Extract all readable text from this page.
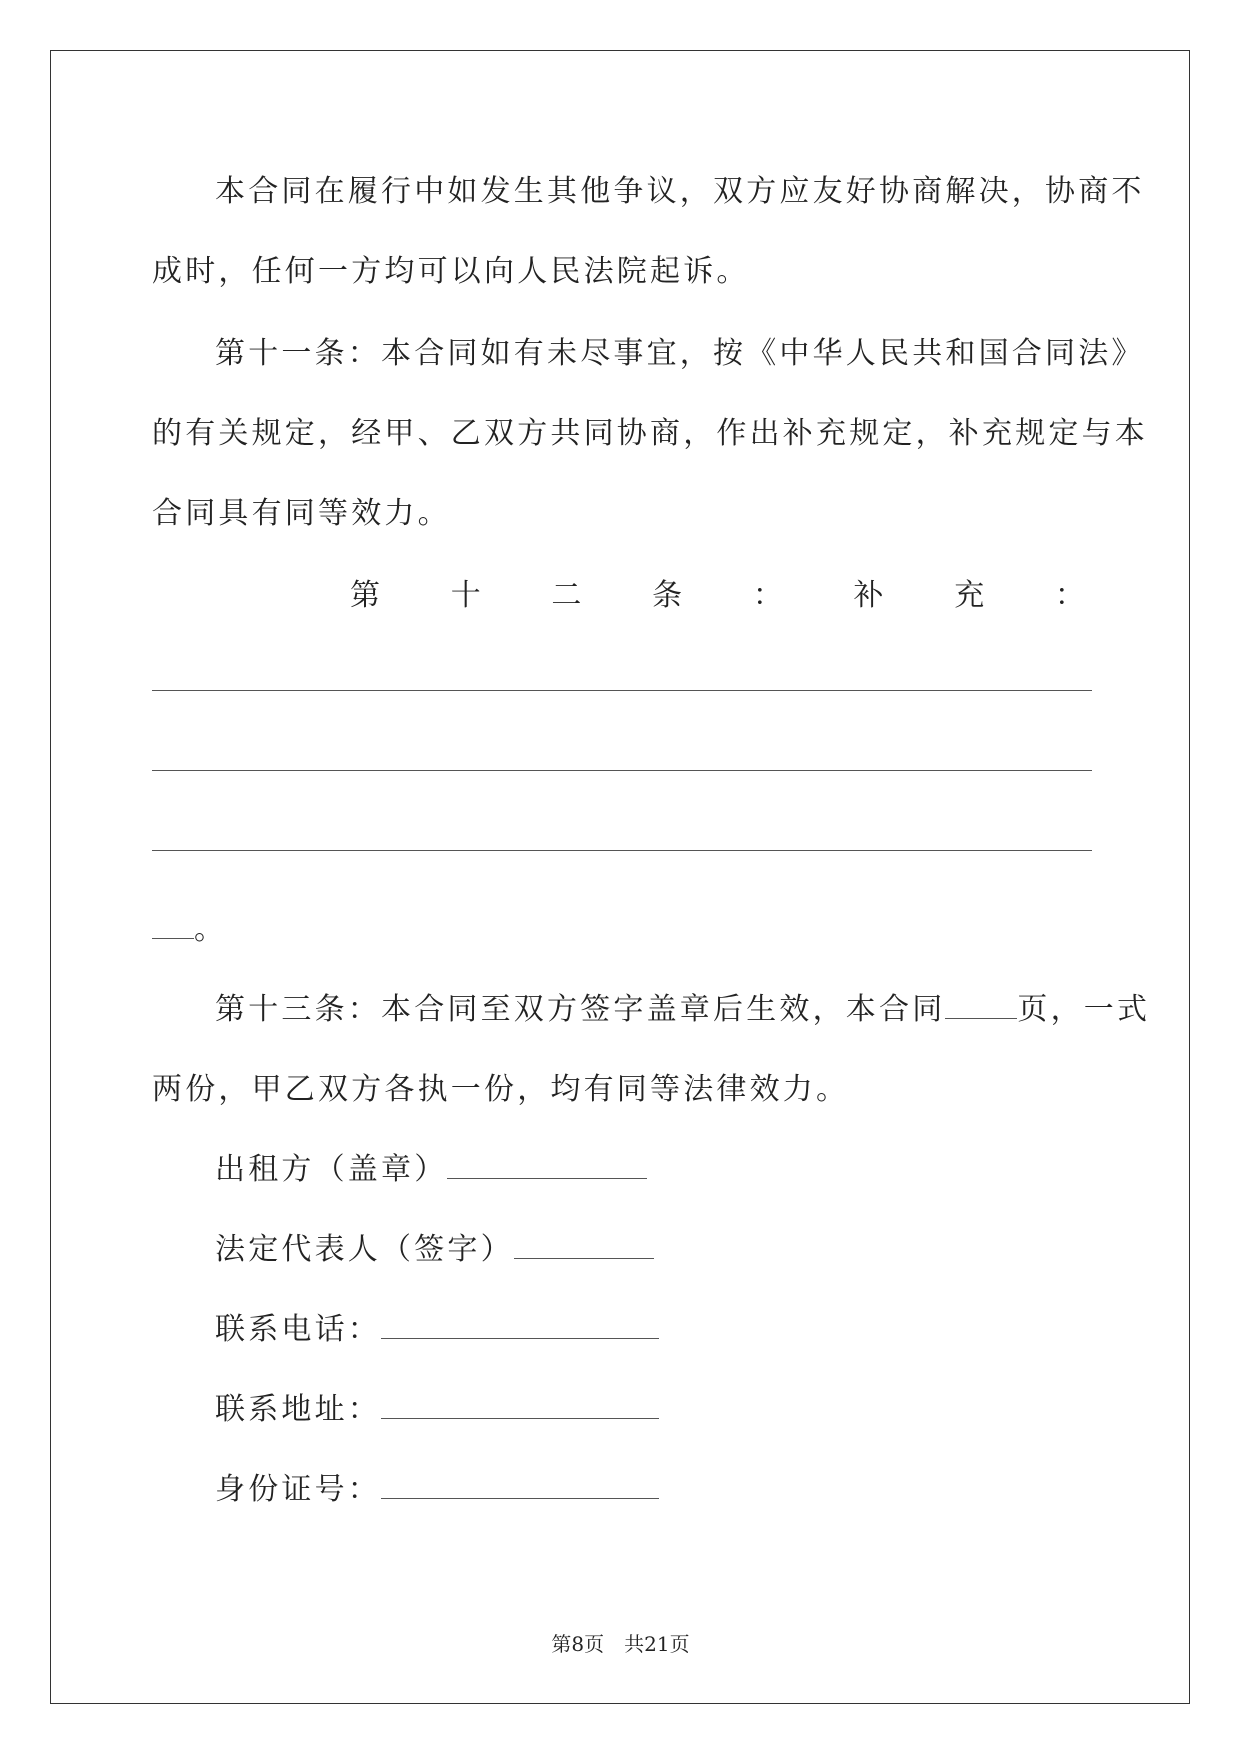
本合同在履行中如发生其他争议，双方应友好协商解决，协商不
成时，任何一方均可以向人民法院起诉。
第十一条：本合同如有未尽事宜，按《中华人民共和国合同法》
的有关规定，经甲、乙双方共同协商，作出补充规定，补充规定与本
合同具有同等效力。
第 十 二 条 ： 补 充 ：
。
第十三条：本合同至双方签字盖章后生效，本合同 页，一式
两份，甲乙双方各执一份，均有同等法律效力。
出租方（盖章）
法定代表人（签字）
联系电话：
联系地址：
身份证号：
第8页　共21页
